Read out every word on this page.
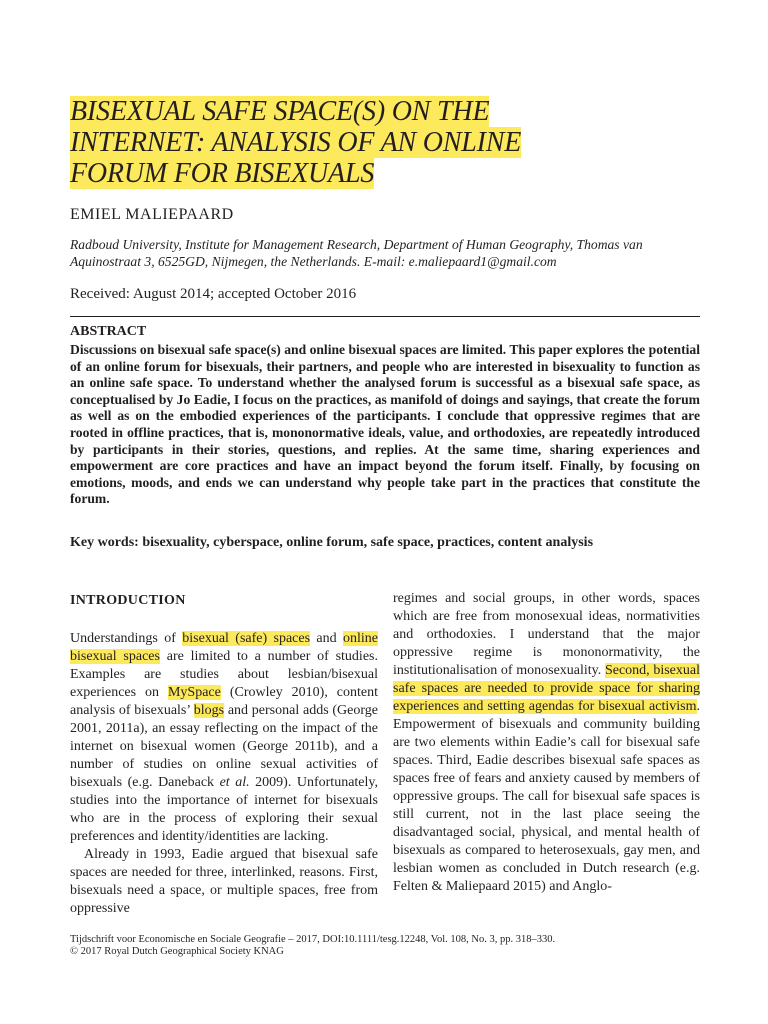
BISEXUAL SAFE SPACE(S) ON THE
INTERNET: ANALYSIS OF AN ONLINE
FORUM FOR BISEXUALS
EMIEL MALIEPAARD
Radboud University, Institute for Management Research, Department of Human Geography, Thomas van Aquinostraat 3, 6525GD, Nijmegen, the Netherlands. E-mail: e.maliepaard1@gmail.com
Received: August 2014; accepted October 2016
ABSTRACT
Discussions on bisexual safe space(s) and online bisexual spaces are limited. This paper explores the potential of an online forum for bisexuals, their partners, and people who are interested in bisexuality to function as an online safe space. To understand whether the analysed forum is successful as a bisexual safe space, as conceptualised by Jo Eadie, I focus on the practices, as manifold of doings and sayings, that create the forum as well as on the embodied experiences of the participants. I conclude that oppressive regimes that are rooted in offline practices, that is, mononormative ideals, value, and orthodoxies, are repeatedly introduced by participants in their stories, questions, and replies. At the same time, sharing experiences and empowerment are core practices and have an impact beyond the forum itself. Finally, by focusing on emotions, moods, and ends we can understand why people take part in the practices that constitute the forum.
Key words: bisexuality, cyberspace, online forum, safe space, practices, content analysis
INTRODUCTION

Understandings of bisexual (safe) spaces and online bisexual spaces are limited to a number of studies. Examples are studies about lesbian/bisexual experiences on MySpace (Crowley 2010), content analysis of bisexuals’ blogs and personal adds (George 2001, 2011a), an essay reflecting on the impact of the internet on bisexual women (George 2011b), and a number of studies on online sexual activities of bisexuals (e.g. Daneback et al. 2009). Unfortunately, studies into the importance of internet for bisexuals who are in the process of exploring their sexual preferences and identity/identities are lacking.

Already in 1993, Eadie argued that bisexual safe spaces are needed for three, interlinked, reasons. First, bisexuals need a space, or multiple spaces, free from oppressive

regimes and social groups, in other words, spaces which are free from monosexual ideas, normativities and orthodoxies. I understand that the major oppressive regime is mononormativity, the institutionalisation of monosexuality. Second, bisexual safe spaces are needed to provide space for sharing experiences and setting agendas for bisexual activism. Empowerment of bisexuals and community building are two elements within Eadie’s call for bisexual safe spaces. Third, Eadie describes bisexual safe spaces as spaces free of fears and anxiety caused by members of oppressive groups. The call for bisexual safe spaces is still current, not in the last place seeing the disadvantaged social, physical, and mental health of bisexuals as compared to heterosexuals, gay men, and lesbian women as concluded in Dutch research (e.g. Felten & Maliepaard 2015) and Anglo-

Tijdschrift voor Economische en Sociale Geografie – 2017, DOI:10.1111/tesg.12248, Vol. 108, No. 3, pp. 318–330.
© 2017 Royal Dutch Geographical Society KNAG
